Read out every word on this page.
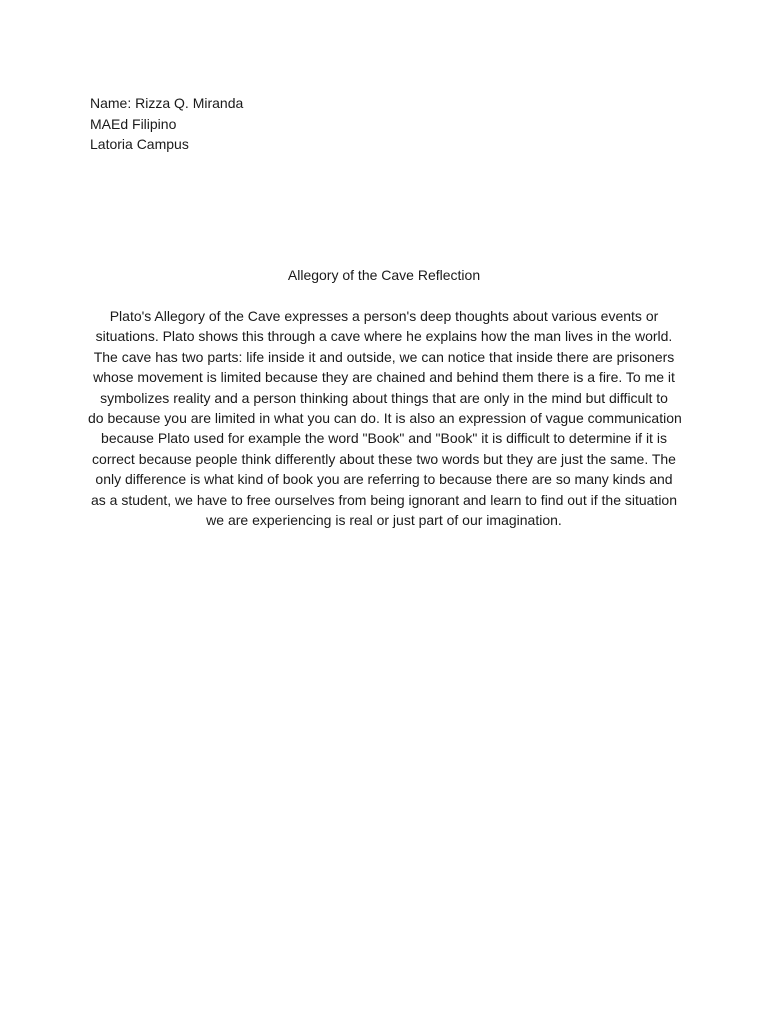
Name: Rizza Q. Miranda
MAEd Filipino
Latoria Campus
Allegory of the Cave Reflection
Plato's Allegory of the Cave expresses a person's deep thoughts about various events or
situations. Plato shows this through a cave where he explains how the man lives in the world.
The cave has two parts: life inside it and outside, we can notice that inside there are prisoners
whose movement is limited because they are chained and behind them there is a fire. To me it
symbolizes reality and a person thinking about things that are only in the mind but difficult to
do because you are limited in what you can do. It is also an expression of vague communication
because Plato used for example the word "Book" and "Book" it is difficult to determine if it is
correct because people think differently about these two words but they are just the same. The
only difference is what kind of book you are referring to because there are so many kinds and
as a student, we have to free ourselves from being ignorant and learn to find out if the situation
we are experiencing is real or just part of our imagination.
